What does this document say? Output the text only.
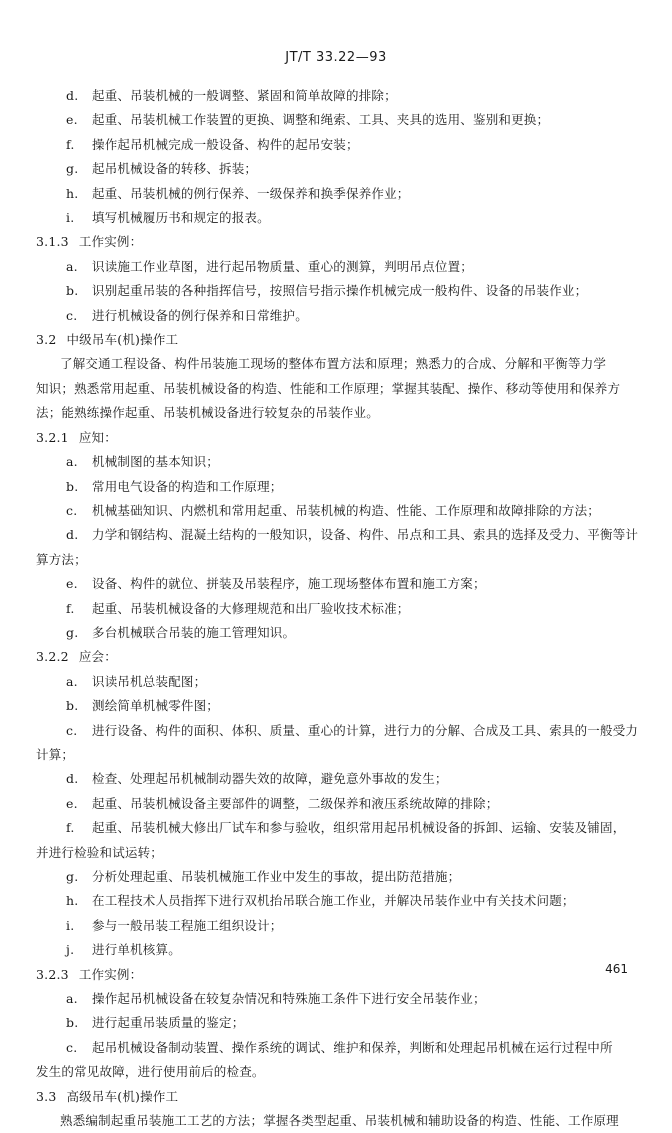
JT/T 33.22—93
d. 起重、吊装机械的一般调整、紧固和简单故障的排除；
e. 起重、吊装机械工作装置的更换、调整和绳索、工具、夹具的选用、鉴别和更换；
f. 操作起吊机械完成一般设备、构件的起吊安装；
g. 起吊机械设备的转移、拆装；
h. 起重、吊装机械的例行保养、一级保养和换季保养作业；
i. 填写机械履历书和规定的报表。
3.1.3 工作实例：
a. 识读施工作业草图，进行起吊物质量、重心的测算，判明吊点位置；
b. 识别起重吊装的各种指挥信号，按照信号指示操作机械完成一般构件、设备的吊装作业；
c. 进行机械设备的例行保养和日常维护。
3.2 中级吊车(机)操作工
了解交通工程设备、构件吊装施工现场的整体布置方法和原理；熟悉力的合成、分解和平衡等力学
知识；熟悉常用起重、吊装机械设备的构造、性能和工作原理；掌握其装配、操作、移动等使用和保养方
法；能熟练操作起重、吊装机械设备进行较复杂的吊装作业。
3.2.1 应知：
a. 机械制图的基本知识；
b. 常用电气设备的构造和工作原理；
c. 机械基础知识、内燃机和常用起重、吊装机械的构造、性能、工作原理和故障排除的方法；
d. 力学和钢结构、混凝土结构的一般知识，设备、构件、吊点和工具、索具的选择及受力、平衡等计
算方法；
e. 设备、构件的就位、拼装及吊装程序，施工现场整体布置和施工方案；
f. 起重、吊装机械设备的大修理规范和出厂验收技术标准；
g. 多台机械联合吊装的施工管理知识。
3.2.2 应会：
a. 识读吊机总装配图；
b. 测绘简单机械零件图；
c. 进行设备、构件的面积、体积、质量、重心的计算，进行力的分解、合成及工具、索具的一般受力
计算；
d. 检查、处理起吊机械制动器失效的故障，避免意外事故的发生；
e. 起重、吊装机械设备主要部件的调整，二级保养和液压系统故障的排除；
f. 起重、吊装机械大修出厂试车和参与验收，组织常用起吊机械设备的拆卸、运输、安装及铺固，
并进行检验和试运转；
g. 分析处理起重、吊装机械施工作业中发生的事故，提出防范措施；
h. 在工程技术人员指挥下进行双机抬吊联合施工作业，并解决吊装作业中有关技术问题；
i. 参与一般吊装工程施工组织设计；
j. 进行单机核算。
3.2.3 工作实例：
a. 操作起吊机械设备在较复杂情况和特殊施工条件下进行安全吊装作业；
b. 进行起重吊装质量的鉴定；
c. 起吊机械设备制动装置、操作系统的调试、维护和保养，判断和处理起吊机械在运行过程中所
发生的常见故障，进行使用前后的检查。
3.3 高级吊车(机)操作工
熟悉编制起重吊装施工工艺的方法；掌握各类型起重、吊装机械和辅助设备的构造、性能、工作原理
461
